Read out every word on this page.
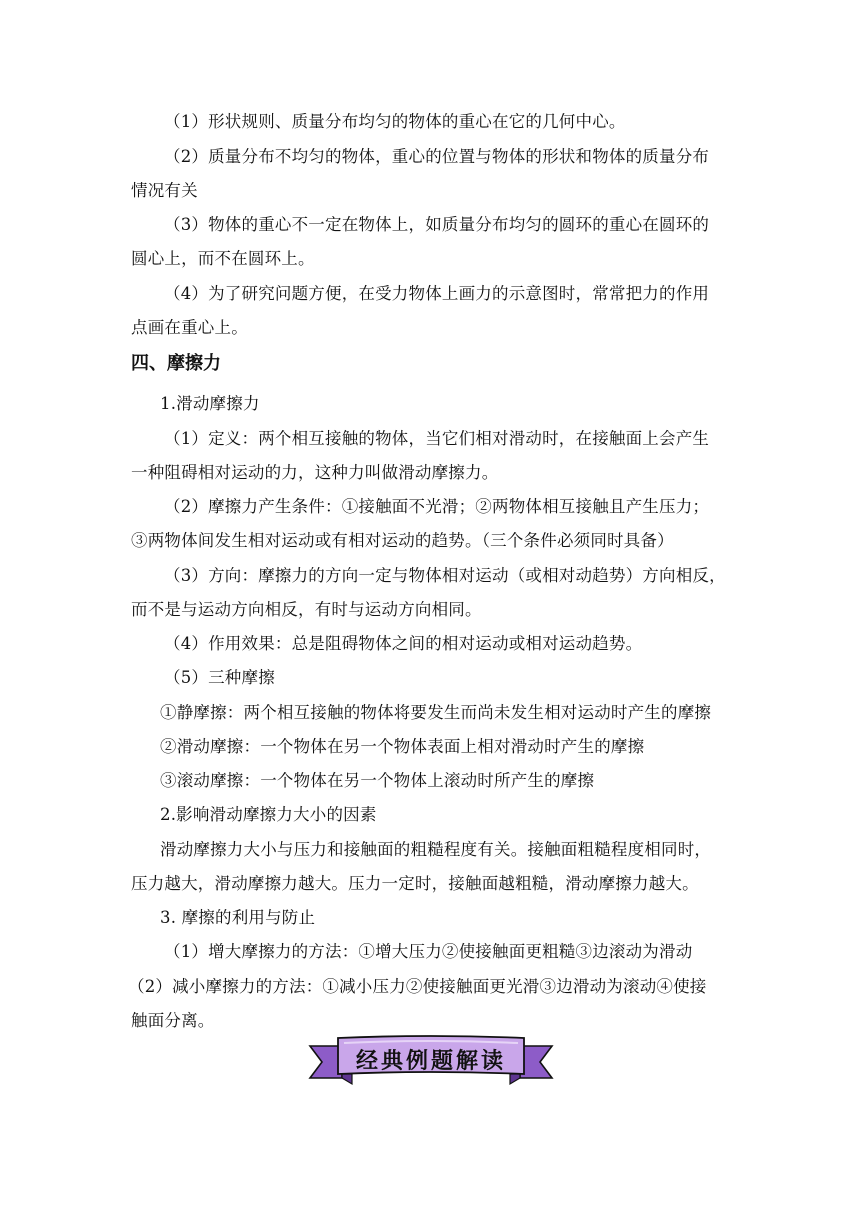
（1）形状规则、质量分布均匀的物体的重心在它的几何中心。
（2）质量分布不均匀的物体，重心的位置与物体的形状和物体的质量分布
情况有关
（3）物体的重心不一定在物体上，如质量分布均匀的圆环的重心在圆环的
圆心上，而不在圆环上。
（4）为了研究问题方便，在受力物体上画力的示意图时，常常把力的作用
点画在重心上。
四、摩擦力
1.滑动摩擦力
（1）定义：两个相互接触的物体，当它们相对滑动时，在接触面上会产生
一种阻碍相对运动的力，这种力叫做滑动摩擦力。
（2）摩擦力产生条件：①接触面不光滑；②两物体相互接触且产生压力；
③两物体间发生相对运动或有相对运动的趋势。（三个条件必须同时具备）
（3）方向：摩擦力的方向一定与物体相对运动（或相对动趋势）方向相反，
而不是与运动方向相反，有时与运动方向相同。
（4）作用效果：总是阻碍物体之间的相对运动或相对运动趋势。
（5）三种摩擦
①静摩擦：两个相互接触的物体将要发生而尚未发生相对运动时产生的摩擦
②滑动摩擦：一个物体在另一个物体表面上相对滑动时产生的摩擦
③滚动摩擦：一个物体在另一个物体上滚动时所产生的摩擦
2.影响滑动摩擦力大小的因素
滑动摩擦力大小与压力和接触面的粗糙程度有关。接触面粗糙程度相同时，
压力越大，滑动摩擦力越大。压力一定时，接触面越粗糙，滑动摩擦力越大。
3. 摩擦的利用与防止
（1）增大摩擦力的方法：①增大压力②使接触面更粗糙③边滚动为滑动
（2）减小摩擦力的方法：①减小压力②使接触面更光滑③边滑动为滚动④使接
触面分离。
经典例题解读
